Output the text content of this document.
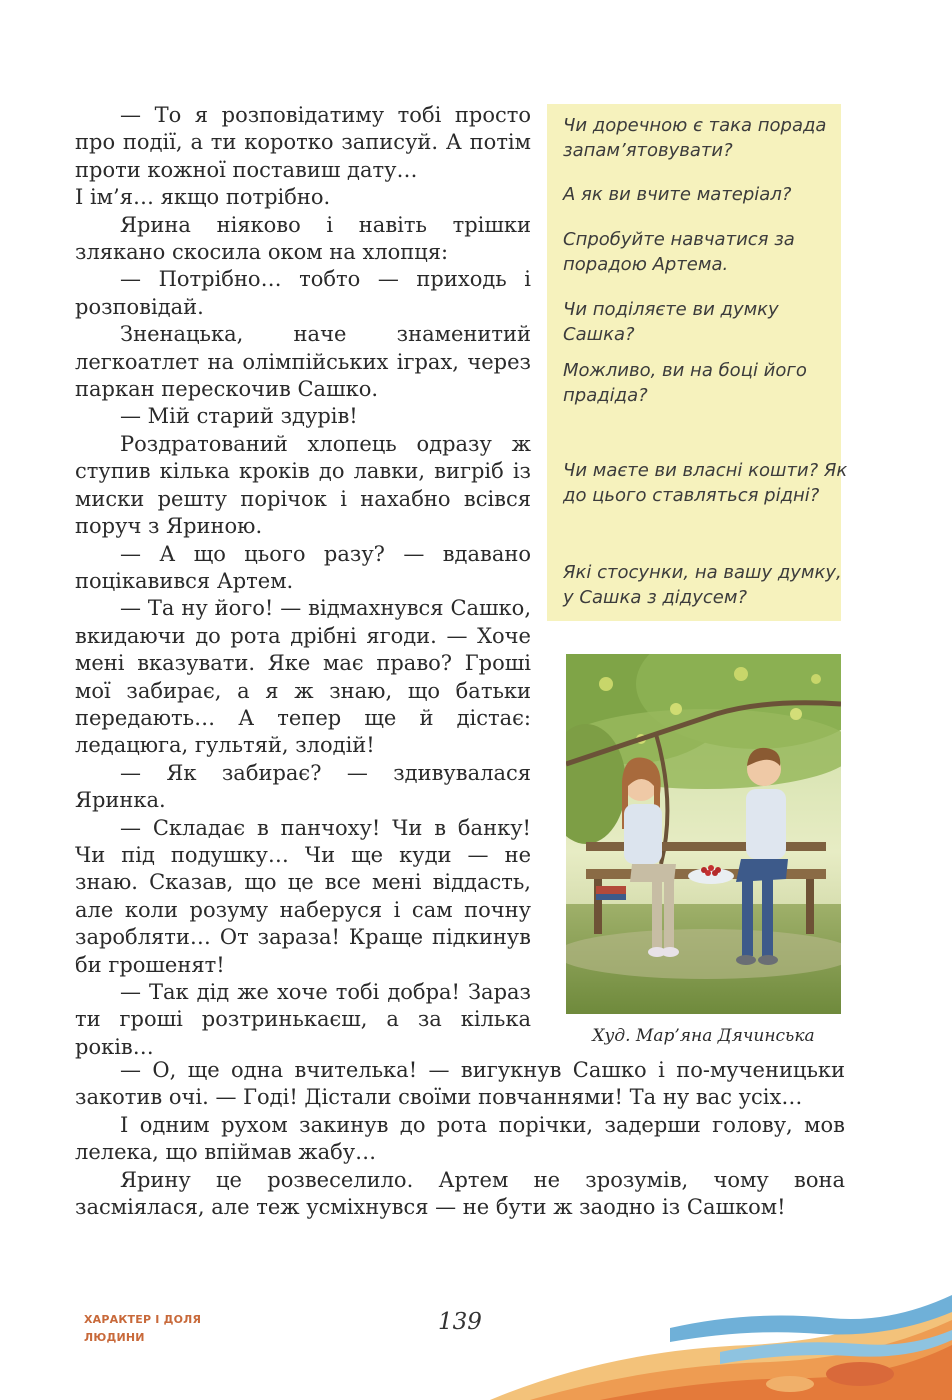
— То я розповідатиму тобі просто про події, а ти коротко записуй. А потім проти кожної поставиш дату…

І ім’я… якщо потрібно.

Ярина ніяково і навіть трішки злякано скосила оком на хлопця:

— Потрібно… тобто — приходь і розповідай.

Зненацька, наче знаменитий легкоатлет на олімпійських іграх, через паркан перескочив Сашко.

— Мій старий здурів!

Роздратований хлопець одразу ж ступив кілька кроків до лавки, вигріб із миски решту порічок і нахабно всівся поруч з Яриною.

— А що цього разу? — вдавано поцікавився Артем.

— Та ну його! — відмахнувся Сашко, вкидаючи до рота дрібні ягоди. — Хоче мені вказувати. Яке має право? Гроші мої забирає, а я ж знаю, що батьки передають… А тепер ще й дістає: ледацюга, гультяй, злодій!

— Як забирає? — здивувалася Яринка.

— Складає в панчоху! Чи в банку! Чи під подушку… Чи ще куди — не знаю. Сказав, що це все мені віддасть, але коли розуму наберуся і сам почну заробляти… От зараза! Краще підкинув би грошенят!

— Так дід же хоче тобі добра! Зараз ти гроші розтринькаєш, а за кілька років…

Чи доречною є така порада запам’ятовувати?

А як ви вчите матеріал?

Спробуйте навчатися за порадою Артема.

Чи поділяєте ви думку Сашка?

Можливо, ви на боці його прадіда?

Чи маєте ви власні кошти? Як до цього ставляться рідні?

Які стосунки, на вашу думку, у Сашка з дідусем?

Худ. Мар’яна Дячинська

— О, ще одна вчителька! — вигукнув Сашко і по-мученицьки закотив очі. — Годі! Дістали своїми повчаннями! Та ну вас усіх…

І одним рухом закинув до рота порічки, задерши голову, мов лелека, що впіймав жабу…

Ярину це розвеселило. Артем не зрозумів, чому вона засміялася, але теж усміхнувся — не бути ж заодно із Сашком!

ХАРАКТЕР І ДОЛЯ
ЛЮДИНИ
139
